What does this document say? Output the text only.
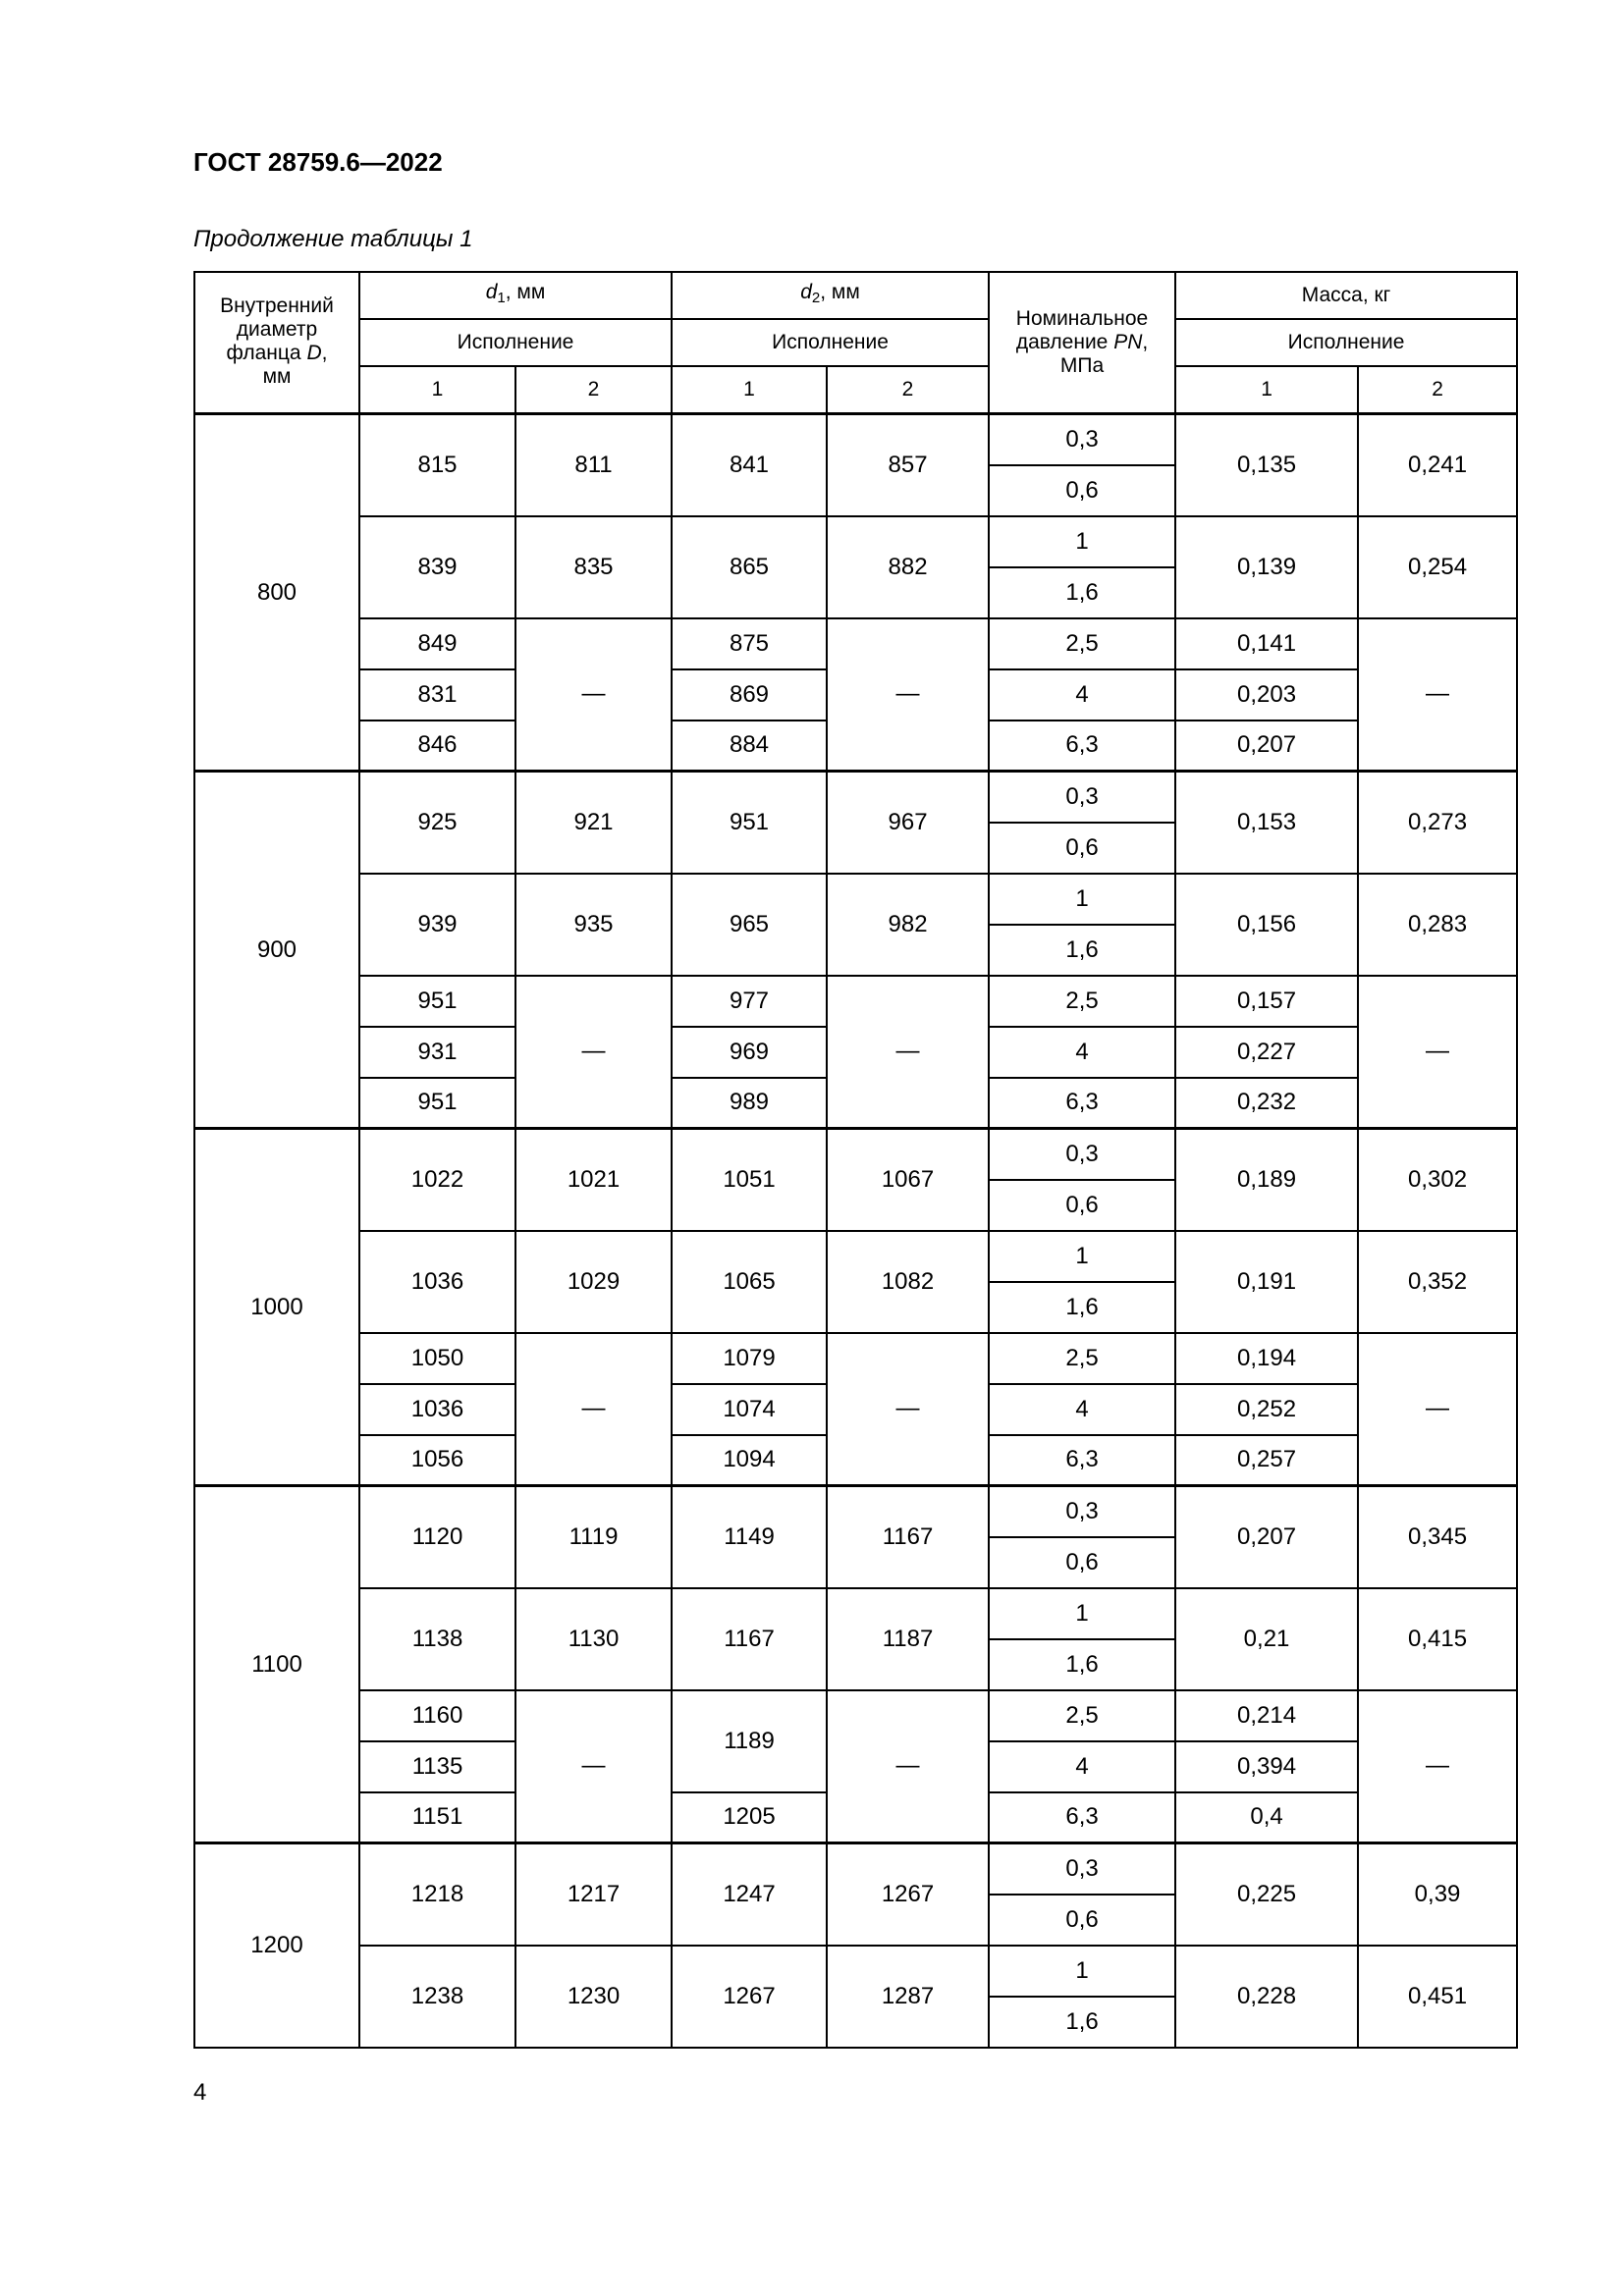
ГОСТ 28759.6—2022
Продолжение таблицы 1
Внутренний
диаметр
фланца D,
мм	$d_1$, мм		$d_2$, мм		Номинальное
давление PN,
МПа	Масса, кг	
	Исполнение		Исполнение			Исполнение	
	1	2	1	2		1	2
800	815	811	841	857	0,3	0,135	0,241
					0,6		
	839	835	865	882	1	0,139	0,254
					1,6		
	849	—	875	—	2,5	0,141	—
	831		869		4	0,203	
	846		884		6,3	0,207	
900	925	921	951	967	0,3	0,153	0,273
					0,6		
	939	935	965	982	1	0,156	0,283
					1,6		
	951	—	977	—	2,5	0,157	—
	931		969		4	0,227	
	951		989		6,3	0,232	
1000	1022	1021	1051	1067	0,3	0,189	0,302
					0,6		
	1036	1029	1065	1082	1	0,191	0,352
					1,6		
	1050	—	1079	—	2,5	0,194	—
	1036		1074		4	0,252	
	1056		1094		6,3	0,257	
1100	1120	1119	1149	1167	0,3	0,207	0,345
					0,6		
	1138	1130	1167	1187	1	0,21	0,415
					1,6		
	1160	—	1189	—	2,5	0,214	—
	1135				4	0,394	
	1151		1205		6,3	0,4	
1200	1218	1217	1247	1267	0,3	0,225	0,39
					0,6		
	1238	1230	1267	1287	1	0,228	0,451
					1,6		
4
